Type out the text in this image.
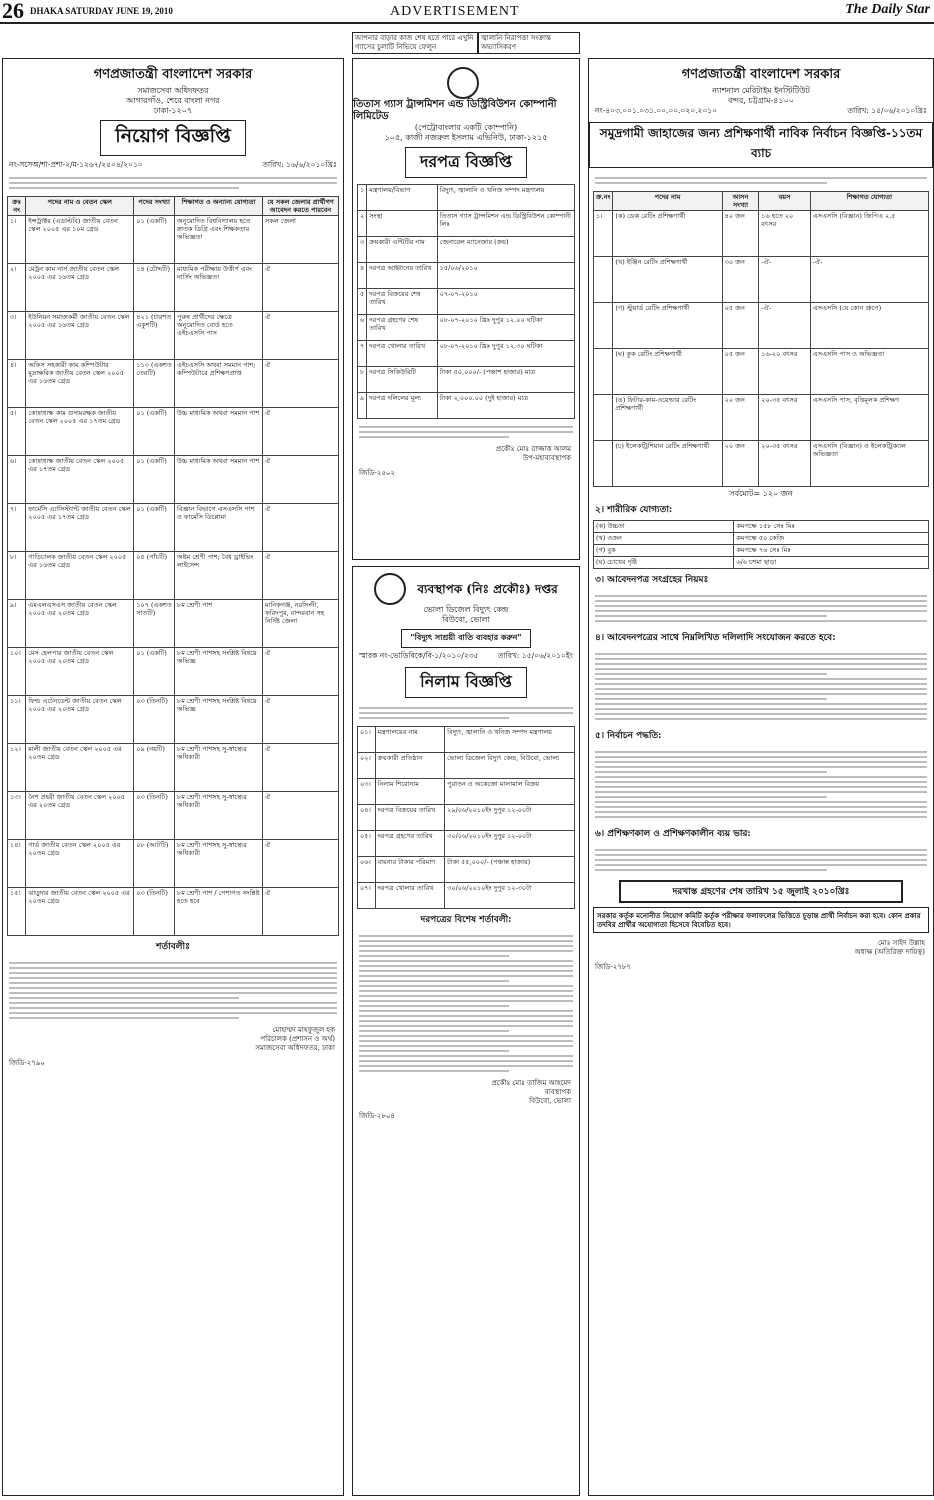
26 DHAKA SATURDAY JUNE 19, 2010	ADVERTISEMENT	The Daily Star
গণপ্রজাতন্ত্রী বাংলাদেশ সরকার
সমাজসেবা অধিদফতর
আগারগাঁও, শেরে বাংলা নগর
ঢাকা-১২০৭
নিয়োগ বিজ্ঞপ্তি
নং-সসেঅ/শা-প্রশা-২/ম-১২৬৭/২৫০৪/২০১০	তারিখ: ১৬/৬/২০১০খ্রিঃ
ক্রঃ নং	পদের নাম ও বেতন স্কেল	পদের সংখ্যা	শিক্ষাগত ও অন্যান্য যোগ্যতা	যে সকল জেলার প্রার্থীগণ আবেদন করতে পারবেন
১।	ইন্সট্রাক্টর (এডাল্টবি) জাতীয় বেতন স্কেল ২০০৫ এর ১০ম গ্রেড	০১ (একটি)	অনুমোদিত বিশ্ববিদ্যালয় হতে স্নাতক ডিগ্রি এবং শিক্ষকতার অভিজ্ঞতা	সকল জেলা
২।	মেট্রন কাম নার্স জাতীয় বেতন স্কেল ২০০৫ এর ১৬তম গ্রেড	১৪ (চৌদ্দটি)	মাধ্যমিক পরীক্ষায় উত্তীর্ণ এবং নার্সিং অভিজ্ঞতা	ঐ
৩।	ইউনিয়ন সমাজকর্মী জাতীয় বেতন স্কেল ২০০৫ এর ১৬তম গ্রেড	৪২১ (চারশত একুশটি)	পুরুষ প্রার্থীদের ক্ষেত্রে অনুমোদিত বোর্ড হতে এইচএসসি পাস	ঐ
৪।	অফিস সহকারী কাম কম্পিউটার মুদ্রাক্ষরিক জাতীয় বেতন স্কেল ২০০৫ এর ১৬তম গ্রেড	১১৩ (একশত তেরটি)	এইচএসসি অথবা সমমান পাশ; কম্পিউটারে প্রশিক্ষণপ্রাপ্ত	ঐ
৫।	কোষাধ্যক্ষ কাম গুদামরক্ষক জাতীয় বেতন স্কেল ২০০৫ এর ১৭তম গ্রেড	০১ (একটি)	উচ্চ মাধ্যমিক অথবা সমমান পাশ	ঐ
৬।	কোষাধ্যক্ষ জাতীয় বেতন স্কেল ২০০৫ এর ১৭তম গ্রেড	০১ (একটি)	উচ্চ মাধ্যমিক অথবা সমমান পাশ	ঐ
৭।	ফার্মেসি এ্যাসিস্ট্যান্ট জাতীয় বেতন স্কেল ২০০৫ এর ১৭তম গ্রেড	০১ (একটি)	বিজ্ঞান বিভাগে এসএসসি পাশ ও ফার্মেসি ডিপ্লোমা	ঐ
৮।	গাড়িচালক জাতীয় বেতন স্কেল ২০০৫ এর ১৬তম গ্রেড	০৫ (পাঁচটি)	অষ্টম শ্রেণী পাশ; বৈধ ড্রাইভিং লাইসেন্স	ঐ
৯।	এমএলএসএস জাতীয় বেতন স্কেল ২০০৫ এর ২০তম গ্রেড	১০৭ (একশত সাতটি)	৮ম শ্রেণী পাশ	মানিকগঞ্জ, নরসিংদী, ফরিদপুর, বান্দরবান সহ নির্দিষ্ট জেলা
১০।	মেস হেলপার জাতীয় বেতন স্কেল ২০০৫ এর ২০তম গ্রেড	০১ (একটি)	৮ম শ্রেণী পাশসহ সংশ্লিষ্ট বিষয়ে অভিজ্ঞ	ঐ
১১।	ফিল্ড এটেনডেন্ট জাতীয় বেতন স্কেল ২০০৫ এর ২০তম গ্রেড	০৩ (তিনটি)	৮ম শ্রেণী পাশসহ সংশ্লিষ্ট বিষয়ে অভিজ্ঞ	ঐ
১২।	মালী জাতীয় বেতন স্কেল ২০০৫ এর ২০তম গ্রেড	০৯ (নয়টি)	৮ম শ্রেণী পাশসহ সু-স্বাস্থ্যের অধিকারী	ঐ
১৩।	নৈশ প্রহরী জাতীয় বেতন স্কেল ২০০৫ এর ২০তম গ্রেড	০৩ (তিনটি)	৮ম শ্রেণী পাশসহ সু-স্বাস্থ্যের অধিকারী	ঐ
১৪।	গার্ড জাতীয় বেতন স্কেল ২০০৫ এর ২০তম গ্রেড	০৮ (আটটি)	৮ম শ্রেণী পাশসহ সু-স্বাস্থ্যের অধিকারী	ঐ
১৫।	ঝাড়ুদার জাতীয় বেতন স্কেল ২০০৫ এর ২০তম গ্রেড	০৩ (তিনটি)	৮ম শ্রেণী পাশ / পেশাগত সংশ্লিষ্ট হতে হবে	ঐ
শর্তাবলীঃ
মোহাম্মদ মাহফুজুল হক
পরিচালক (প্রশাসন ও অর্থ)
সমাজসেবা অধিদফতর, ঢাকা
জিডি-২৭৯০
আপনার বাড়ার কাজ শেষ হতে পারে এখুনি গ্যাসের চুলাটি নিভিয়ে ফেলুন
জ্বালানি নিরাপত্তা সংক্রান্ত অভ্যাসিকরণ
তিতাস গ্যাস ট্রান্সমিশন এন্ড ডিস্ট্রিবিউশন কোম্পানী লিমিটেড
(পেট্রোবাংলার একটি কোম্পানি)
১০৫, কাজী নজরুল ইসলাম এভিনিউ, ঢাকা-১২১৫
দরপত্র বিজ্ঞপ্তি
১	মন্ত্রণালয়/বিভাগ	বিদ্যুৎ, জ্বালানি ও খনিজ সম্পদ মন্ত্রণালয়
২	সংস্থা	তিতাস গ্যাস ট্রান্সমিশন এন্ড ডিস্ট্রিবিউশন কোম্পানী লিঃ
৩	ক্রয়কারী এন্টিটির নাম	জেনারেল ম্যানেজার (ক্রয়)
৪	দরপত্র আহ্বানের তারিখ	১৫/০৬/২০১০
৫	দরপত্র বিক্রয়ের শেষ তারিখ	০৭-০৭-২০১০
৬	দরপত্র গ্রহণের শেষ তারিখ	০৮-০৭-২০১০ খ্রিঃ দুপুর ১২.০০ ঘটিকা
৭	দরপত্র খোলার তারিখ	০৮-০৭-২০১০ খ্রিঃ দুপুর ১২.৩০ ঘটিকা
৮	দরপত্র সিকিউরিটি	টাকা ৫০,০০০/- (পঞ্চাশ হাজার) মাত্র
৯	দরপত্র দলিলের মূল্য	টাকা ২,০০০.০০ (দুই হাজার) মাত্র
প্রকৌঃ মোঃ রাজ্জাক আলম
উপ-মহাব্যবস্থাপক
জিডি-২৫০২
ব্যবস্থাপক (নিঃ প্রকৌঃ) দপ্তর
ভোলা ডিজেল বিদ্যুৎ কেন্দ্র
বিউবো, ভোলা
"বিদ্যুৎ সাশ্রয়ী বাতি ব্যবহার করুন"
স্মারক নং-ভোডিবিকে/বি-১/২০১০/২৩৫	তারিখ: ১৫/০৬/২০১০ইং
নিলাম বিজ্ঞপ্তি
০১।	মন্ত্রণালয়ের নাম	বিদ্যুৎ, জ্বালানি ও খনিজ সম্পদ মন্ত্রণালয়
০২।	ক্রয়কারী প্রতিষ্ঠান	ভোলা ডিজেল বিদ্যুৎ কেন্দ্র, বিউবো, ভোলা
০৩।	নিলাম শিরোনাম	পুরাতন ও অকেজো মালামাল বিক্রয়
০৪।	দরপত্র বিক্রয়ের তারিখ	২৯/০৬/২০১০ইং দুপুর ১২-০০টা
০৫।	দরপত্র গ্রহণের তারিখ	৩০/০৬/২০১০ইং দুপুর ১২-০০টা
০৬।	বায়নার টাকার পরিমাণ	টাকা ৫৫,০০০/- (পঞ্চান্ন হাজার)
০৭।	দরপত্র খোলার তারিখ	৩০/০৬/২০১০ইং দুপুর ১২-৩০টা
দরপত্রের বিশেষ শর্তাবলী:
প্রকৌঃ মোঃ তাজিম আহমেদ
ব্যবস্থাপক
বিউবো, ভোলা
জিডি-২৮০৪
গণপ্রজাতন্ত্রী বাংলাদেশ সরকার
ন্যাশনাল মেরিটাইম ইনস্টিটিউট
বন্দর, চট্টগ্রাম-৪১০০
নং-৪০৩.০০১.০৩১.০০.০০.০২০.২০১০	তারিখ: ১৫/০৬/২০১০খ্রিঃ
সমুদ্রগামী জাহাজের জন্য প্রশিক্ষণার্থী নাবিক নির্বাচন বিজ্ঞপ্তি-১১তম ব্যাচ
ক্র.নং	পদের নাম	আসন সংখ্যা	বয়স	শিক্ষাগত যোগ্যতা
১।	(ক) ডেক রেটিং প্রশিক্ষণার্থী	৪০ জন	১৬ হতে ২০ বৎসর	এসএসসি (বিজ্ঞান) জিপিএ ২.৫
	(খ) ইঞ্জিন রেটিং প্রশিক্ষণার্থী	৩০ জন	-ঐ-	-ঐ-
	(গ) স্টুয়ার্ড রেটিং প্রশিক্ষণার্থী	০৫ জন	-ঐ-	এসএসসি (যে কোন গ্রুপে)
	(ঘ) কুক রেটিং প্রশিক্ষণার্থী	০৫ জন	১৬-২০ বৎসর	এসএসসি পাস ও অভিজ্ঞতা
	(ঙ) ফিটার-কাম-ওয়েল্ডার রেটিং প্রশিক্ষণার্থী	২০ জন	২০-৩৫ বৎসর	এসএসসি পাস, বৃত্তিমূলক প্রশিক্ষণ
	(চ) ইলেকট্রিশিয়ান রেটিং প্রশিক্ষণার্থী	২০ জন	২০-৩৫ বৎসর	এসএসসি (বিজ্ঞান) ও ইলেকট্রিক্যাল অভিজ্ঞতা
সর্বমোট= ১২০ জন
২। শারীরিক যোগ্যতা:
(ক) উচ্চতা	কমপক্ষে ১৫৮ সেঃ মিঃ
(খ) ওজন	কমপক্ষে ৫০ কেজি
(গ) বুক	কমপক্ষে ৭৬ সেঃ মিঃ
(ঘ) চোখের দৃষ্টি	৬/৬ চশমা ছাড়া
৩। আবেদনপত্র সংগ্রহের নিয়মঃ
৪। আবেদনপত্রের সাথে নিম্নলিখিত দলিলাদি সংযোজন করতে হবে:
৫। নির্বাচন পদ্ধতি:
৬। প্রশিক্ষণকাল ও প্রশিক্ষণকালীন ব্যয় ভার:
দরখাস্ত গ্রহণের শেষ তারিখ ১৫ জুলাই ২০১০খ্রিঃ
সরকার কর্তৃক মনোনীত নিয়োগ কমিটি কর্তৃক পরীক্ষার ফলাফলের ভিত্তিতে চূড়ান্ত প্রার্থী নির্বাচন করা হবে। কোন প্রকার তদবির প্রার্থীর অযোগ্যতা হিসেবে বিবেচিত হবে।
মোঃ সাইদ উল্লাহ
অধ্যক্ষ (অতিরিক্ত দায়িত্ব)
জিডি-২৭৮৭
